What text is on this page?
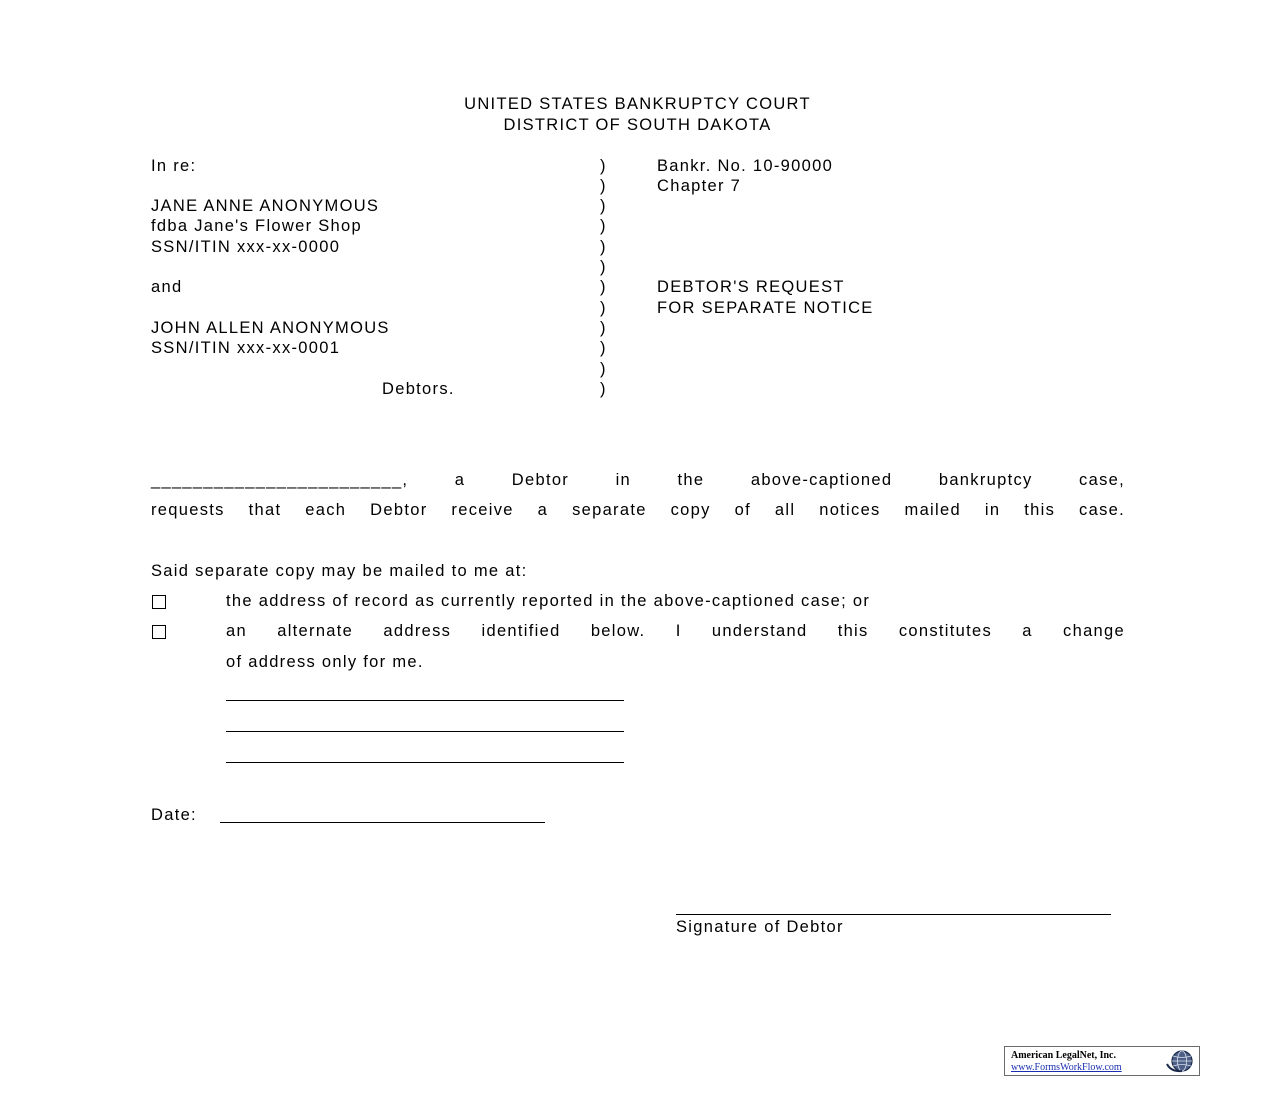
UNITED STATES BANKRUPTCY COURT
DISTRICT OF SOUTH DAKOTA
In re:
JANE ANNE ANONYMOUS
fdba Jane's Flower Shop
SSN/ITIN xxx-xx-0000
and
JOHN ALLEN ANONYMOUS
SSN/ITIN xxx-xx-0001
Debtors.
)
)
)
)
)
)
)
)
)
)
)
)
Bankr. No. 10-90000
Chapter 7
DEBTOR'S REQUEST
FOR SEPARATE NOTICE
________________________, a Debtor in the above-captioned bankruptcy case,
requests that each Debtor receive a separate copy of all notices mailed in this case.
Said separate copy may be mailed to me at:
the address of record as currently reported in the above-captioned case; or
an alternate address identified below. I understand this constitutes a change
of address only for me.
Date:
Signature of Debtor
American LegalNet, Inc.
www.FormsWorkFlow.com
